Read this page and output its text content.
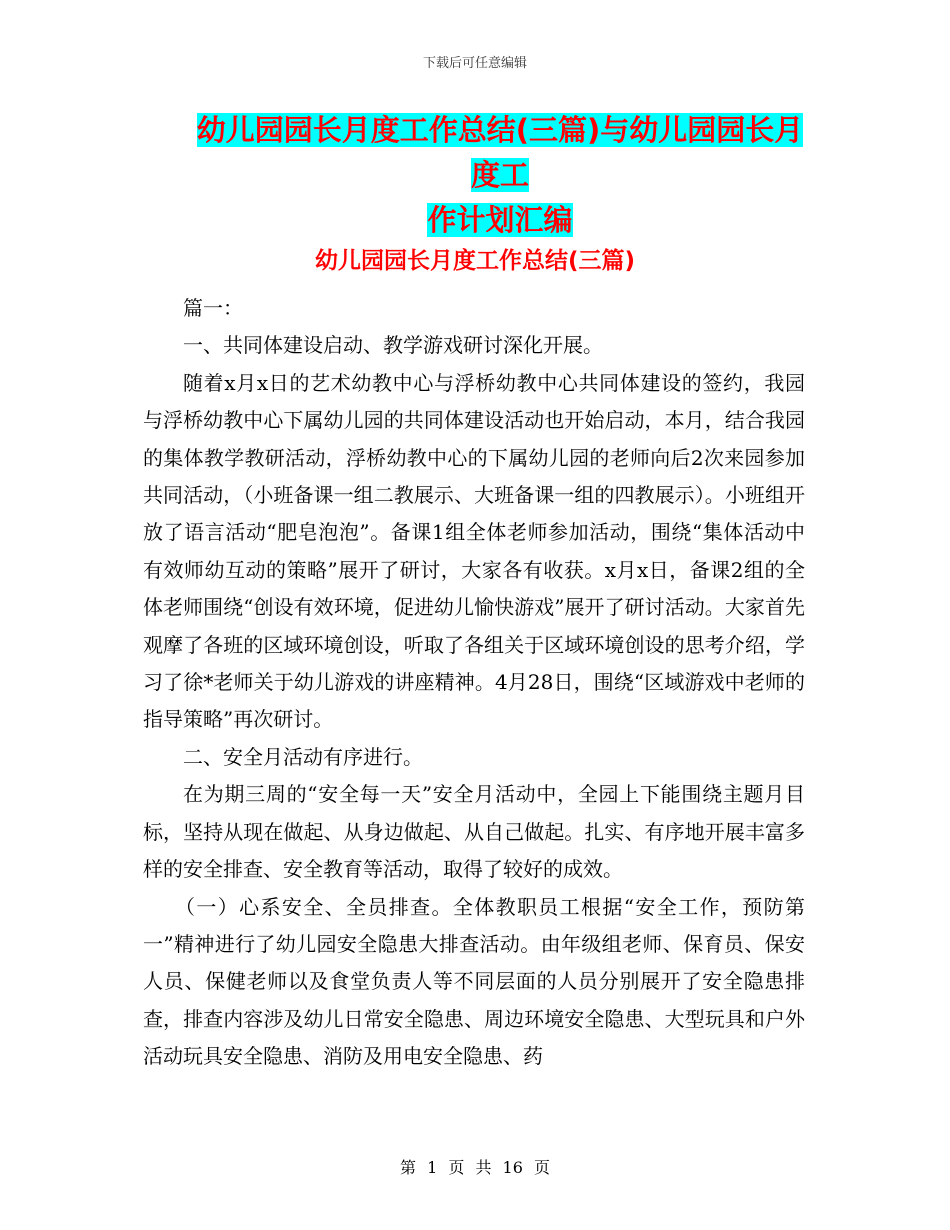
下载后可任意编辑
幼儿园园长月度工作总结(三篇)与幼儿园园长月度工
作计划汇编
幼儿园园长月度工作总结(三篇)

篇一：

一、共同体建设启动、教学游戏研讨深化开展。

随着x月x日的艺术幼教中心与浮桥幼教中心共同体建设的签约，我园与浮桥幼教中心下属幼儿园的共同体建设活动也开始启动，本月，结合我园的集体教学教研活动，浮桥幼教中心的下属幼儿园的老师向后2次来园参加共同活动，（小班备课一组二教展示、大班备课一组的四教展示）。小班组开放了语言活动“肥皂泡泡”。备课1组全体老师参加活动，围绕“集体活动中有效师幼互动的策略”展开了研讨，大家各有收获。x月x日，备课2组的全体老师围绕“创设有效环境，促进幼儿愉快游戏”展开了研讨活动。大家首先观摩了各班的区域环境创设，听取了各组关于区域环境创设的思考介绍，学习了徐*老师关于幼儿游戏的讲座精神。4月28日，围绕“区域游戏中老师的指导策略”再次研讨。

二、安全月活动有序进行。

在为期三周的“安全每一天”安全月活动中，全园上下能围绕主题月目标，坚持从现在做起、从身边做起、从自己做起。扎实、有序地开展丰富多样的安全排查、安全教育等活动，取得了较好的成效。

（一）心系安全、全员排查。全体教职员工根据“安全工作，预防第一”精神进行了幼儿园安全隐患大排查活动。由年级组老师、保育员、保安人员、保健老师以及食堂负责人等不同层面的人员分别展开了安全隐患排查，排查内容涉及幼儿日常安全隐患、周边环境安全隐患、大型玩具和户外活动玩具安全隐患、消防及用电安全隐患、药

第 1 页 共 16 页
